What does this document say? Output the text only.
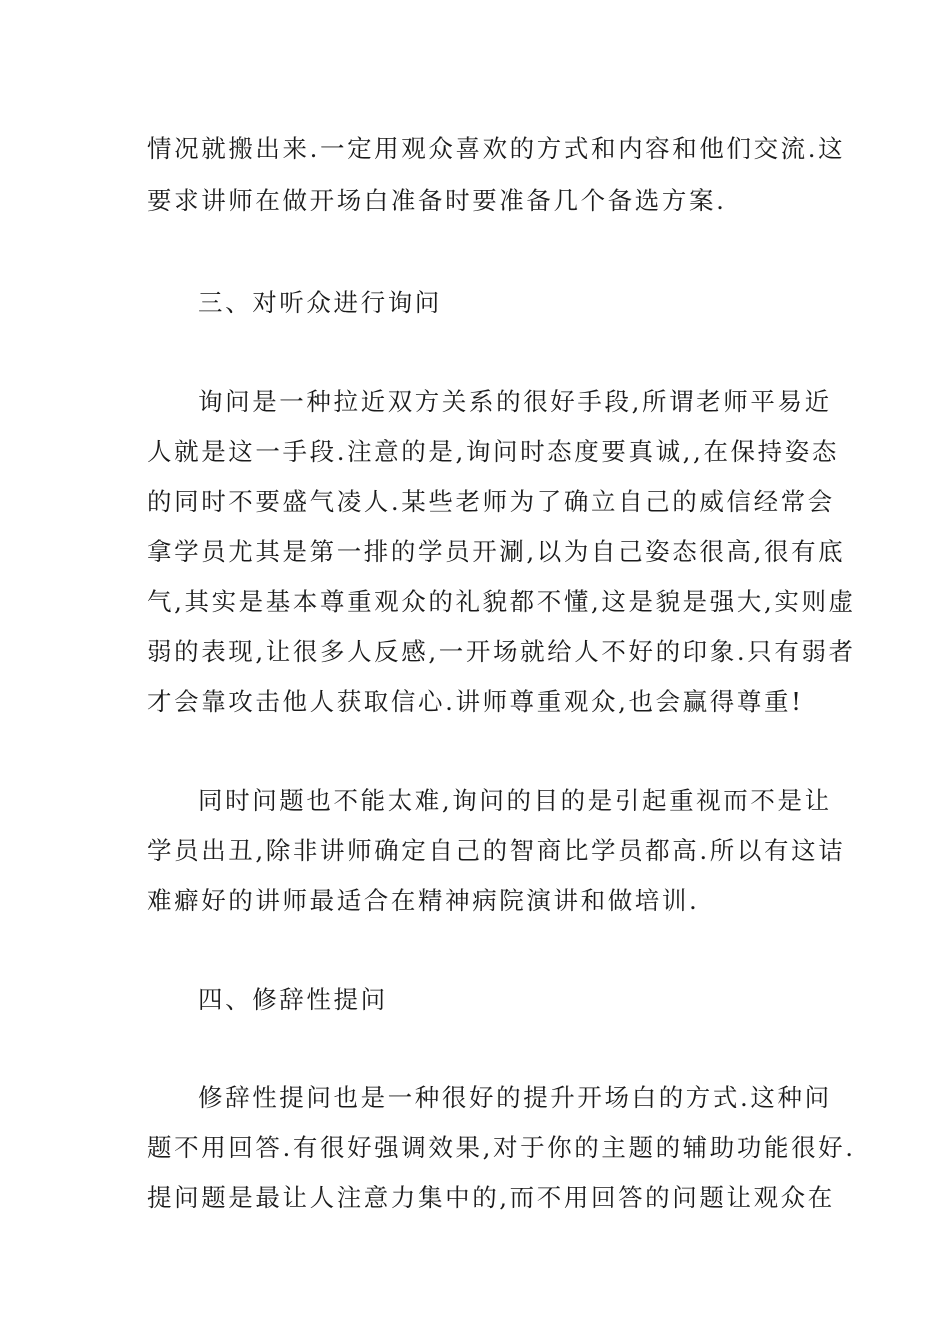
情况就搬出来.一定用观众喜欢的方式和内容和他们交流.这
要求讲师在做开场白准备时要准备几个备选方案.
三、对听众进行询问
询问是一种拉近双方关系的很好手段,所谓老师平易近
人就是这一手段.注意的是,询问时态度要真诚,,在保持姿态
的同时不要盛气凌人.某些老师为了确立自己的威信经常会
拿学员尤其是第一排的学员开涮,以为自己姿态很高,很有底
气,其实是基本尊重观众的礼貌都不懂,这是貌是强大,实则虚
弱的表现,让很多人反感,一开场就给人不好的印象.只有弱者
才会靠攻击他人获取信心.讲师尊重观众,也会赢得尊重!
同时问题也不能太难,询问的目的是引起重视而不是让
学员出丑,除非讲师确定自己的智商比学员都高.所以有这诘
难癖好的讲师最适合在精神病院演讲和做培训.
四、修辞性提问
修辞性提问也是一种很好的提升开场白的方式.这种问
题不用回答.有很好强调效果,对于你的主题的辅助功能很好.
提问题是最让人注意力集中的,而不用回答的问题让观众在
